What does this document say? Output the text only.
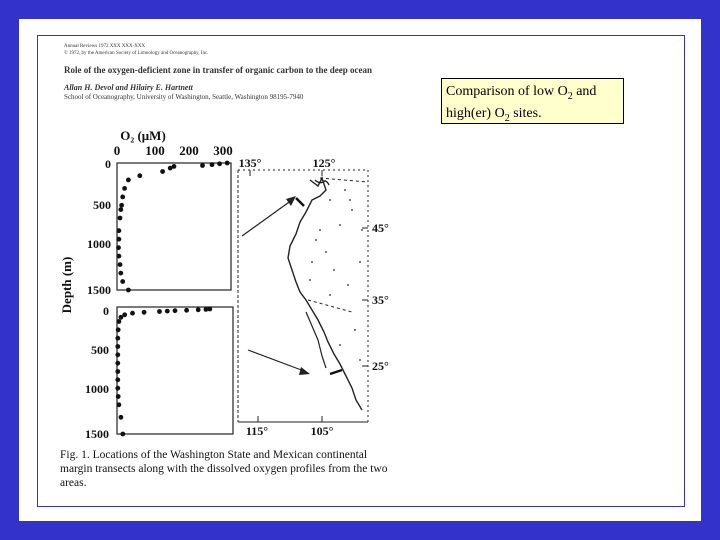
Annual Reviews 1972 XXX XXX-XXX
© 1972, by the American Society of Limnology and Oceanography, Inc.
Role of the oxygen-deficient zone in transfer of organic carbon to the deep ocean
Allan H. Devol and Hilairy E. Hartnett
School of Oceanography, University of Washington, Seattle, Washington 98195-7940	Comparison of low $O_2$ and
high(er) $O_2$ sites.
O₂ (μM)
0 100 200 300
Depth (m)
0
500
1000
1500
0
500
1000
1500
135°	125°
115°	105°
45°
35°
25°
Fig. 1. Locations of the Washington State and Mexican continental margin transects along with the dissolved oxygen profiles from the two areas.
